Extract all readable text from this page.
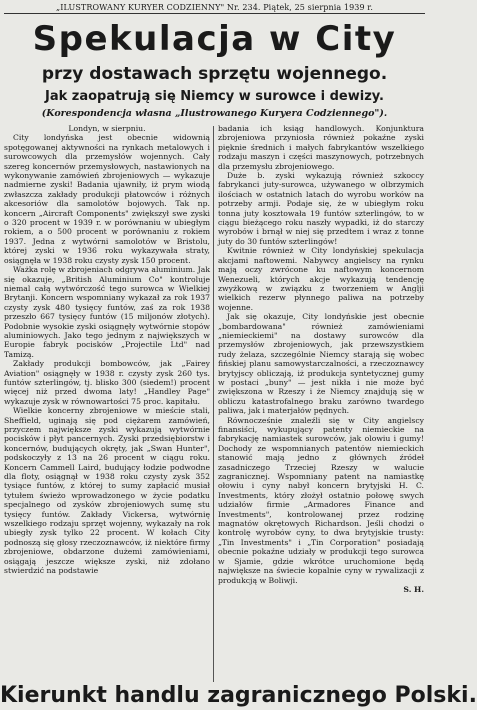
„ILUSTROWANY KURYER CODZIENNY" Nr. 234. Piątek, 25 sierpnia 1939 r.
Spekulacja w City
przy dostawach sprzętu wojennego.
Jak zaopatrują się Niemcy w surowce i dewizy.
(Korespondencja własna „Ilustrowanego Kuryera Codziennego").

Londyn, w sierpniu.

City londyńska jest obecnie widownią spotęgowanej aktywności na rynkach metalowych i surowcowych dla przemysłów wojennych. Cały szereg koncernów przemysłowych, nastawionych na wykonywanie zamówień zbrojeniowych — wykazuje nadmierne zyski! Badania ujawniły, iż prym wiodą zwłaszcza zakłady produkcji płatowców i różnych akcesoriów dla samolotów bojowych. Tak np. koncern „Aircraft Components" zwiększył swe zyski o 320 procent w 1939 r. w porównaniu w ubiegłym rokiem, a o 500 procent w porównaniu z rokiem 1937. Jedna z wytwórni samolotów w Bristolu, której zyski w 1936 roku wykazywała straty, osiągnęła w 1938 roku czysty zysk 150 procent.

Ważka rolę w zbrojeniach odgrywa aluminium. Jak się okazuje, „British Aluminium Co" kontroluje niemal całą wytwórczość tego surowca w Wielkiej Brytanji. Koncern wspomniany wykazał za rok 1937 czysty zysk 480 tysięcy funtów, zaś za rok 1938 przeszło 667 tysięcy funtów (15 miljonów złotych). Podobnie wysokie zyski osiągnęły wytwórnie stopów aluminiowych. Jako tego jednym z największych w Europie fabryk pocisków „Projectile Ltd" nad Tamizą.

Zakłady produkcji bombowców, jak „Fairey Aviation" osiągnęły w 1938 r. czysty zysk 260 tys. funtów szterlingów, tj. blisko 300 (siedem!) procent więcej niż przed dwoma laty! „Handley Page" wykazuje zysk w równowartości 75 proc. kapitału.

Wielkie koncerny zbrojeniowe w mieście stali, Sheffield, uginają się pod ciężarem zamówień, przyczem największe zyski wykazują wytwórnie pocisków i płyt pancernych. Zyski przedsiębiorstw i koncernów, budujących okręty, jak „Swan Hunter", podskoczyły z 13 na 26 procent w ciągu roku. Koncern Cammell Laird, budujący łodzie podwodne dla floty, osiągnął w 1938 roku czysty zysk 352 tysiące funtów, z której to sumy zapłacić musiał tytułem świeżo wprowadzonego w życie podatku specjalnego od zysków zbrojeniowych sumę stu tysięcy funtów. Zakłady Vickersa, wytwórnię wszelkiego rodzaju sprzęt wojenny, wykazały na rok ubiegły zysk tylko 22 procent. W kołach City podnoszą się głosy rzeczoznawców, iż niektóre firmy zbrojeniowe, obdarzone dużemi zamówieniami, osiągają jeszcze większe zyski, niż zdołano stwierdzić na podstawie

badania ich ksiąg handlowych. Konjunktura zbrojeniowa przyniosła również pokaźne zyski pięknie średnich i małych fabrykantów wszelkiego rodzaju maszyn i części maszynowych, potrzebnych dla przemysłu zbrojeniowego.

Duże b. zyski wykazują również szkoccy fabrykanci juty-surowca, używanego w olbrzymich ilościach w ostatnich latach do wyrobu worków na potrzeby armji. Podaje się, że w ubiegłym roku tonna juty kosztowała 19 funtów szterlingów, to w ciągu bieżącego roku naszły wypadki, iż do starczy wyrobów i brnął w niej się przedtem i wraz z tonne juty do 30 funtów szterlingów!

Kwitnie również w City londyńskiej spekulacja akcjami naftowemi. Nabywcy angielscy na rynku mają oczy zwrócone ku naftowym koncernom Wenezueli, których akcje wykazują tendencję zwyżkową w związku z tworzeniem w Anglji wielkich rezerw płynnego paliwa na potrzeby wojenne.

Jak się okazuje, City londyńskie jest obecnie „bombardowana" również zamówieniami „niemieckiemi" na dostawy surowców dla przemysłów zbrojeniowych, jak przewszystkiem rudy żelaza, szczególnie Niemcy starają się wobec fińskiej planu samowystarczalności, a rzeczoznawcy brytyjscy obliczają, iż produkcja syntetycznej gumy w postaci „buny" — jest nikła i nie może być zwiększona w Rzeszy i że Niemcy znajdują się w obliczu katastrofalnego braku zarówno twardego paliwa, jak i materjałów pędnych.

Równocześnie znaleźli się w City angielscy finansiści, wykupujący patenty niemieckie na fabrykację namiastek surowców, jak olowiu i gumy! Dochody ze wspomnianych patentów niemieckich stanowić mają jedno z głównych źródeł zasadniczego Trzeciej Rzeszy w walucie zagranicznej. Wspomniany patent na namiastkę ołowiu i cyny nabył koncern brytyjski H. C. Investments, który złożył ostatnio połowę swych udziałów firmie „Armadores Finance and Investments", kontrolowanej przez rodzinę magnatów okrętowych Richardson. Jeśli chodzi o kontrolę wyrobów cyny, to dwa brytyjskie trusty: „Tin Investments" i „Tin Corporation" posiadają obecnie pokaźne udziały w produkcji tego surowca w Sjamie, gdzie wkrótce uruchomione będą największe na świecie kopalnie cyny w rywalizacji z produkcją w Boliwji.

S. H.

Kierunkt handlu zagranicznego Polski.
